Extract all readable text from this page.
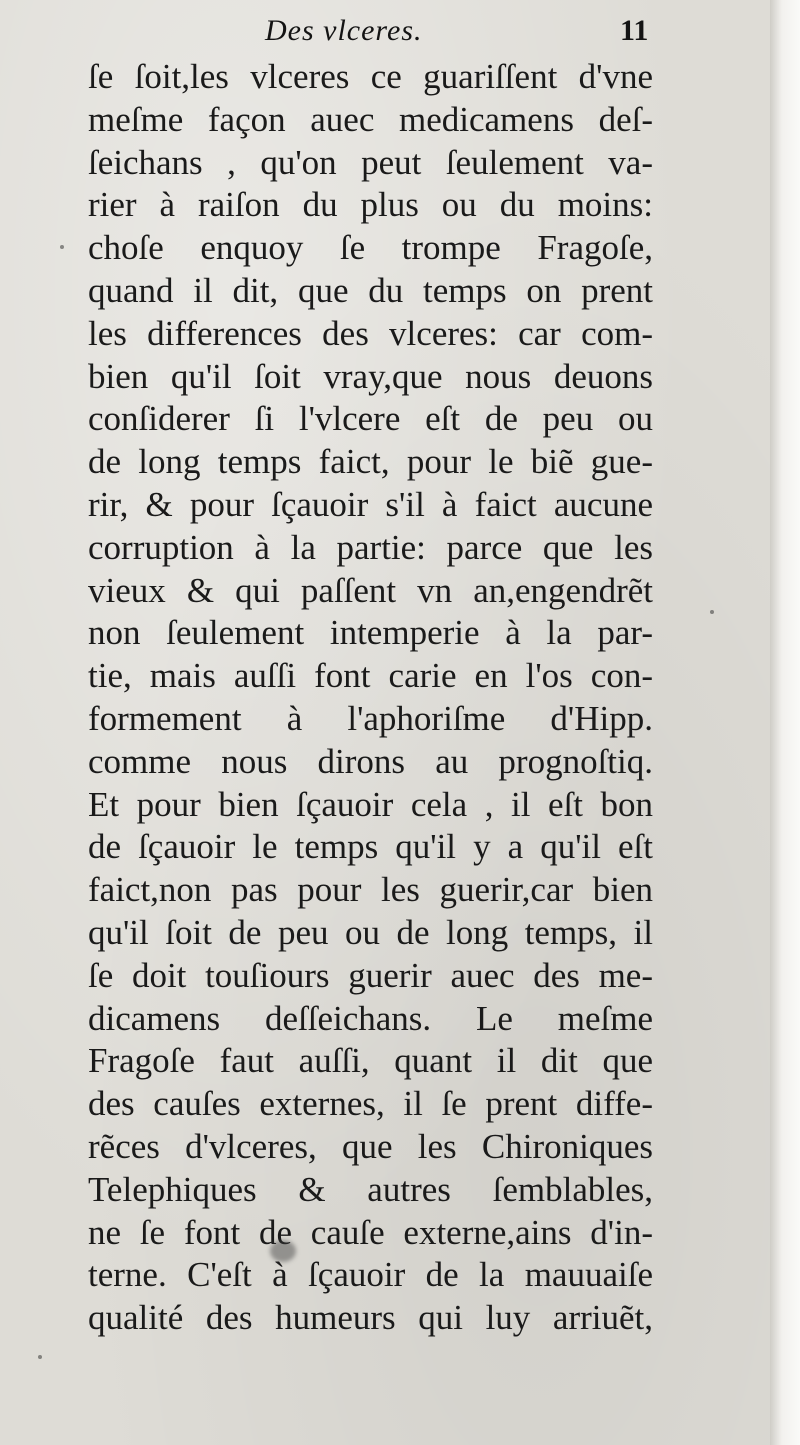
Des vlceres.	11
ſe ſoit,les vlceres ce guariſſent d'vne
meſme façon auec medicamens deſ-
ſeichans , qu'on peut ſeulement va-
rier à raiſon du plus ou du moins:
choſe enquoy ſe trompe Fragoſe,
quand il dit, que du temps on prent
les differences des vlceres: car com-
bien qu'il ſoit vray,que nous deuons
conſiderer ſi l'vlcere eſt de peu ou
de long temps faict, pour le biẽ gue-
rir, & pour ſçauoir s'il à faict aucune
corruption à la partie: parce que les
vieux & qui paſſent vn an,engendrẽt
non ſeulement intemperie à la par-
tie, mais auſſi font carie en l'os con-
formement à l'aphoriſme d'Hipp.
comme nous dirons au prognoſtiq.
Et pour bien ſçauoir cela , il eſt bon
de ſçauoir le temps qu'il y a qu'il eſt
faict,non pas pour les guerir,car bien
qu'il ſoit de peu ou de long temps, il
ſe doit touſiours guerir auec des me-
dicamens deſſeichans. Le meſme
Fragoſe faut auſſi, quant il dit que
des cauſes externes, il ſe prent diffe-
rẽces d'vlceres, que les Chironiques
Telephiques & autres ſemblables,
ne ſe font de cauſe externe,ains d'in-
terne. C'eſt à ſçauoir de la mauuaiſe
qualité des humeurs qui luy arriuẽt,
